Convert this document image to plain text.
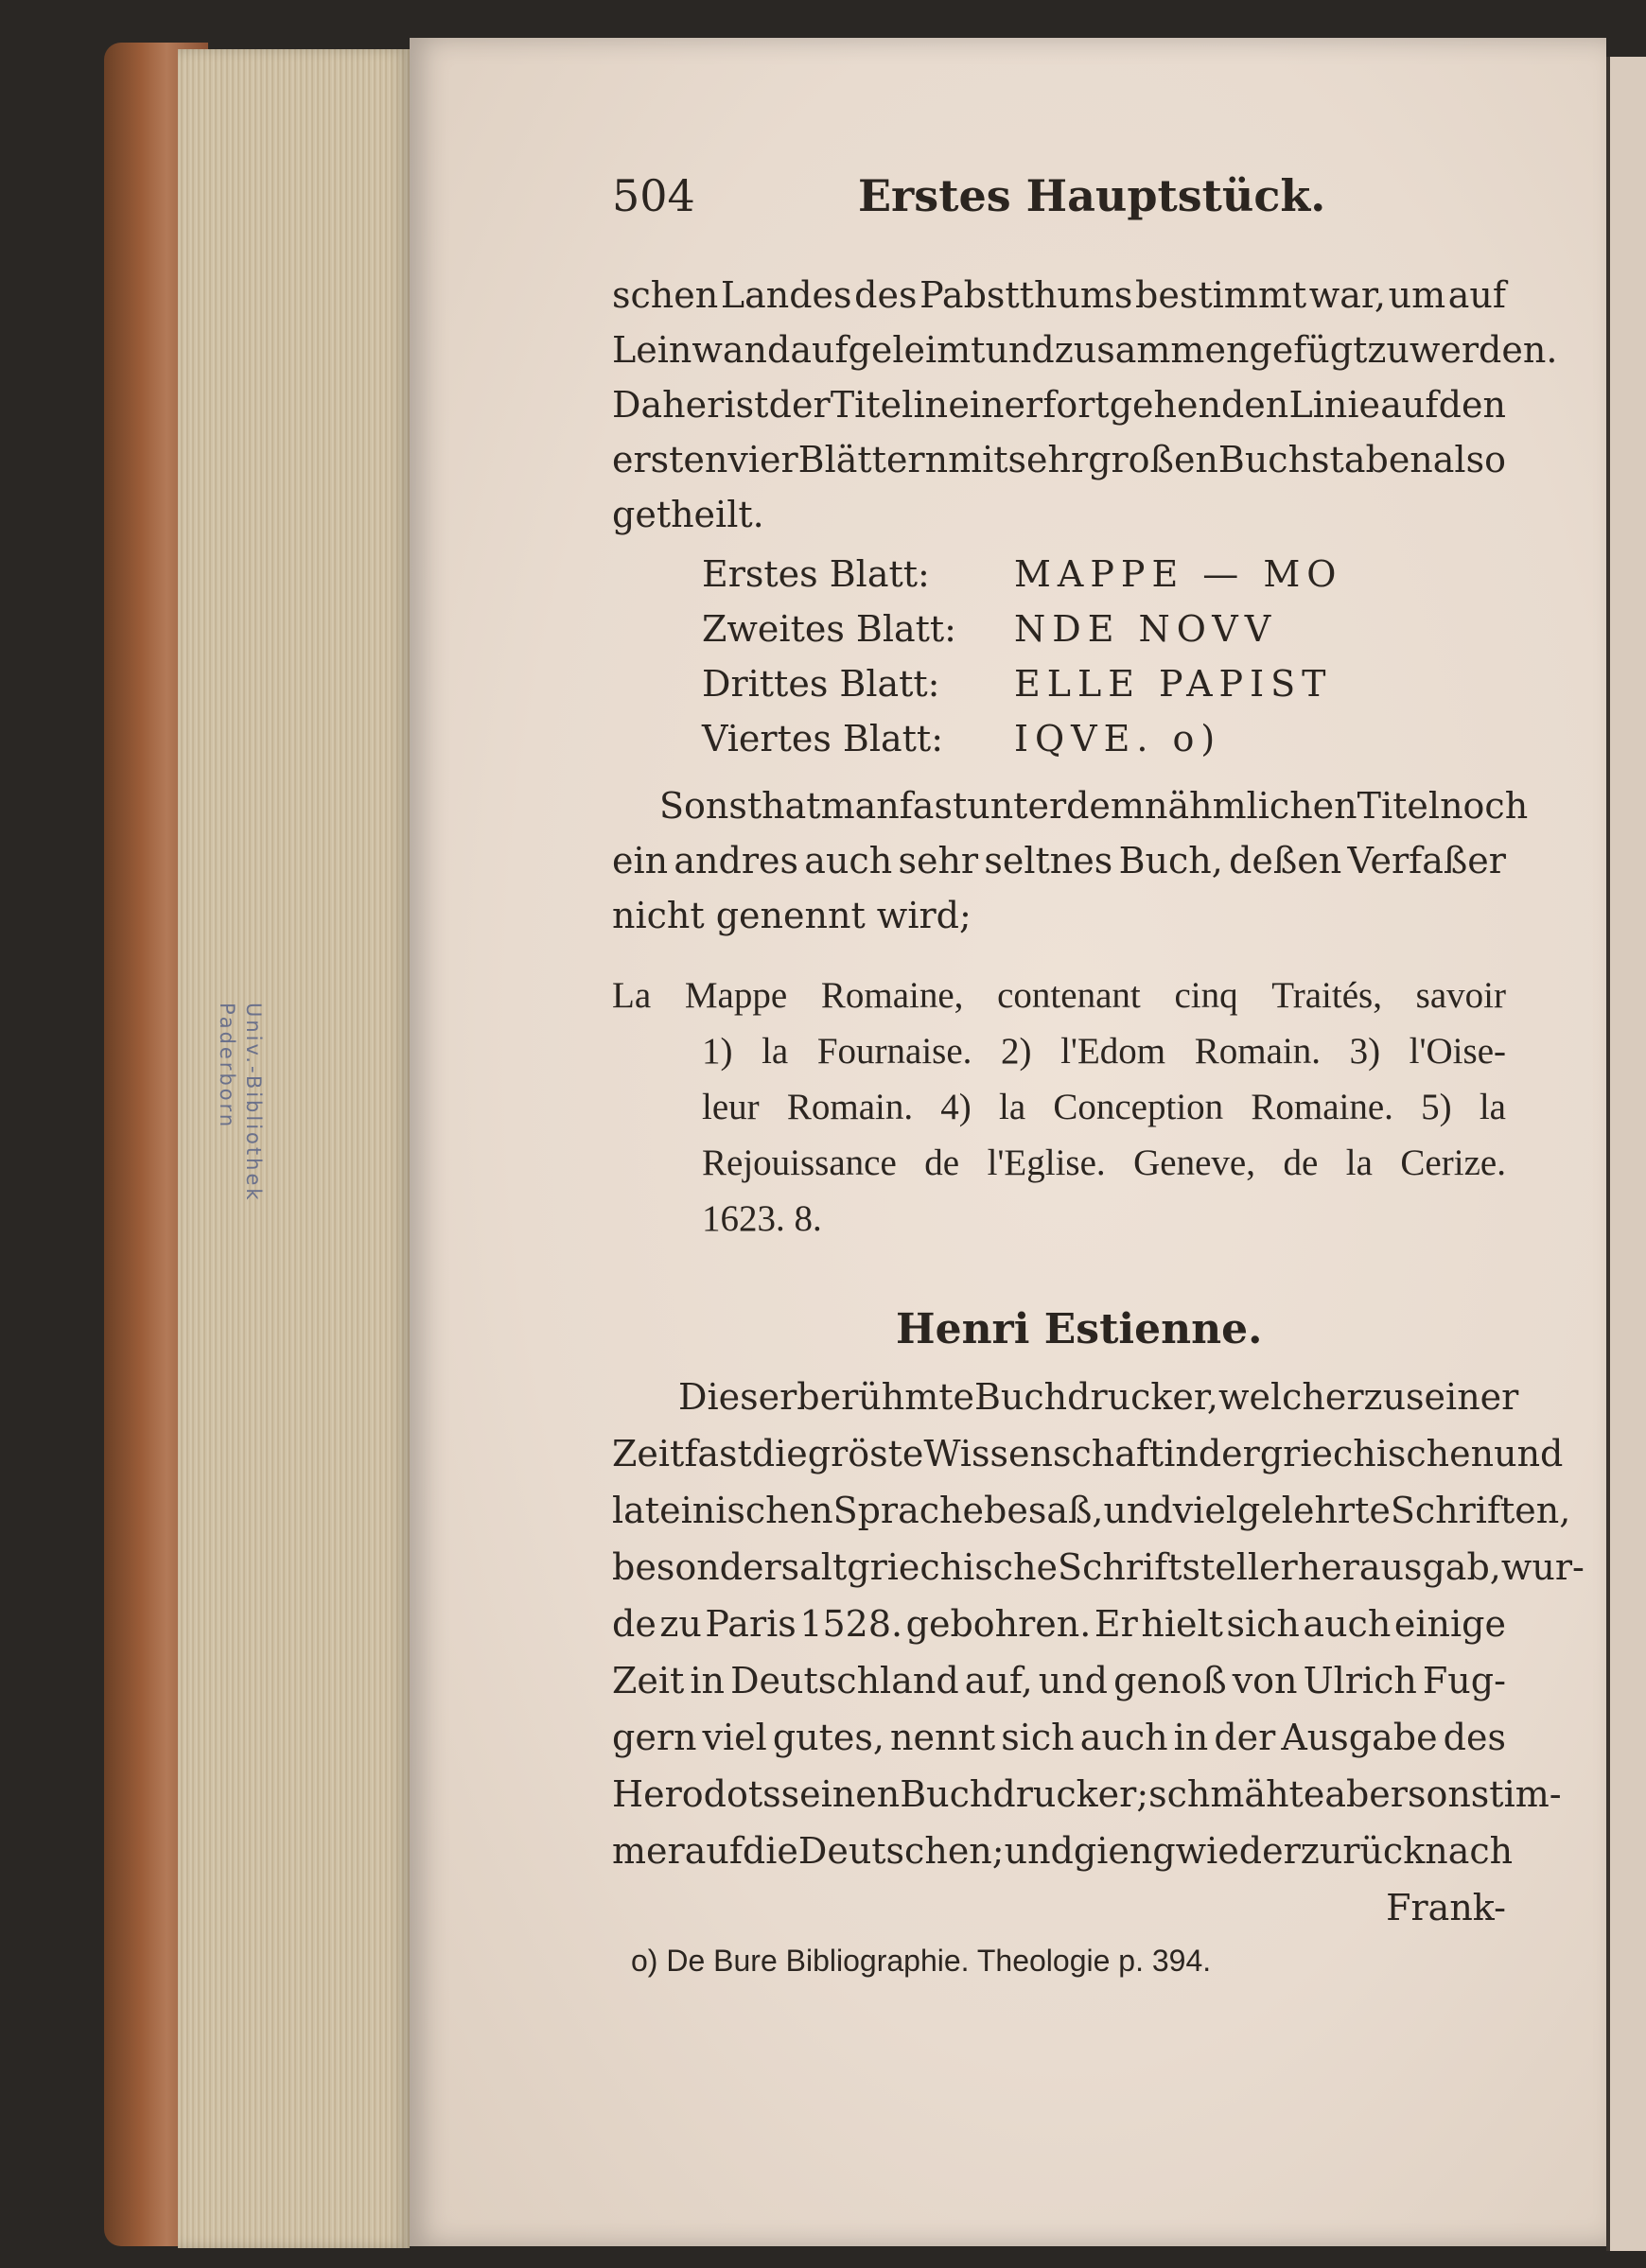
Univ.-Bibliothek
Paderborn
504	Erstes Hauptstück.
schen Landes des Pabstthums bestimmt war, um auf
Leinwand aufgeleimt und zusammengefügt zu werden.
Daher ist der Titel in einer fortgehenden Linie auf den
ersten vier Blättern mit sehr großen Buchstaben also
getheilt.
Erstes Blatt: MAPPE — MO
Zweites Blatt: NDE NOVV
Drittes Blatt: ELLE PAPIST
Viertes Blatt: IQVE. o)
Sonst hat man fast unter dem nähmlichen Titel noch
ein andres auch sehr seltnes Buch, deßen Verfaßer
nicht genennt wird;
La Mappe Romaine, contenant cinq Traités, savoir
1) la Fournaise. 2) l'Edom Romain. 3) l'Oise-
leur Romain. 4) la Conception Romaine. 5) la
Rejouissance de l'Eglise. Geneve, de la Cerize.
1623. 8.
Henri Estienne.
Dieser berühmte Buchdrucker, welcher zu seiner
Zeit fast die gröste Wissenschaft in der griechischen und
lateinischen Sprache besaß, und viel gelehrte Schriften,
besonders alt griechische Schriftsteller herausgab, wur-
de zu Paris 1528. gebohren. Er hielt sich auch einige
Zeit in Deutschland auf, und genoß von Ulrich Fug-
gern viel gutes, nennt sich auch in der Ausgabe des
Herodots seinen Buchdrucker; schmähte aber sonst im-
mer auf die Deutschen; und gieng wieder zurück nach
Frank-
o) De Bure Bibliographie. Theologie p. 394.
